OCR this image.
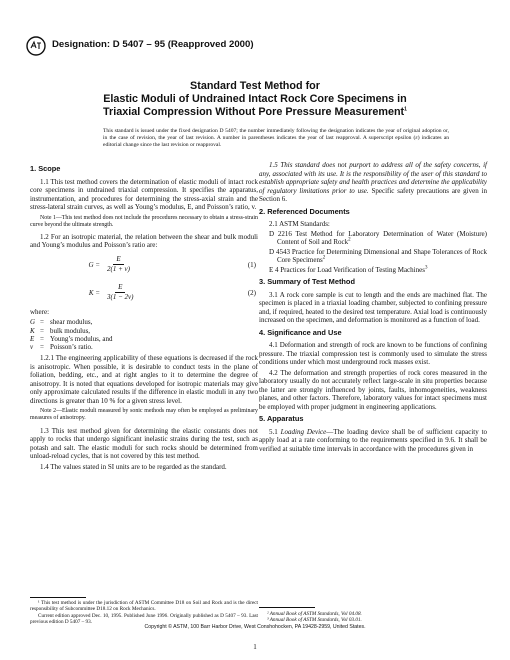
Designation: D 5407 – 95 (Reapproved 2000)
Standard Test Method for
Elastic Moduli of Undrained Intact Rock Core Specimens in
Triaxial Compression Without Pore Pressure Measurement$^1$
This standard is issued under the fixed designation D 5407; the number immediately following the designation indicates the year of original adoption or, in the case of revision, the year of last revision. A number in parentheses indicates the year of last reapproval. A superscript epsilon (ε) indicates an editorial change since the last revision or reapproval.
1. Scope

1.1 This test method covers the determination of elastic moduli of intact rock core specimens in undrained triaxial compression. It specifies the apparatus, instrumentation, and procedures for determining the stress-axial strain and the stress-lateral strain curves, as well as Young’s modulus, E, and Poisson’s ratio, v.

Note 1—This test method does not include the procedures necessary to obtain a stress-strain curve beyond the ultimate strength.

1.2 For an isotropic material, the relation between the shear and bulk moduli and Young’s modulus and Poisson’s ratio are:

$G = \frac{E}{2(1 + v)}$	(1)
$K = \frac{E}{3(1 - 2v)}$	(2)

where:

G = shear modulus,
K = bulk modulus,
E = Young’s modulus, and
v = Poisson’s ratio.

1.2.1 The engineering applicability of these equations is decreased if the rock is anisotropic. When possible, it is desirable to conduct tests in the plane of foliation, bedding, etc., and at right angles to it to determine the degree of anisotropy. It is noted that equations developed for isotropic materials may give only approximate calculated results if the difference in elastic moduli in any two directions is greater than 10 % for a given stress level.

Note 2—Elastic moduli measured by sonic methods may often be employed as preliminary measures of anisotropy.

1.3 This test method given for determining the elastic constants does not apply to rocks that undergo significant inelastic strains during the test, such as potash and salt. The elastic moduli for such rocks should be determined from unload-reload cycles, that is not covered by this test method.

1.4 The values stated in SI units are to be regarded as the standard.

1.5 This standard does not purport to address all of the safety concerns, if any, associated with its use. It is the responsibility of the user of this standard to establish appropriate safety and health practices and determine the applicability of regulatory limitations prior to use. Specific safety precautions are given in Section 6.

2. Referenced Documents

2.1 ASTM Standards:

D 2216 Test Method for Laboratory Determination of Water (Moisture) Content of Soil and Rock$^2$

D 4543 Practice for Determining Dimensional and Shape Tolerances of Rock Core Specimens$^2$

E 4 Practices for Load Verification of Testing Machines$^3$

3. Summary of Test Method

3.1 A rock core sample is cut to length and the ends are machined flat. The specimen is placed in a triaxial loading chamber, subjected to confining pressure and, if required, heated to the desired test temperature. Axial load is continuously increased on the specimen, and deformation is monitored as a function of load.

4. Significance and Use

4.1 Deformation and strength of rock are known to be functions of confining pressure. The triaxial compression test is commonly used to simulate the stress conditions under which most underground rock masses exist.

4.2 The deformation and strength properties of rock cores measured in the laboratory usually do not accurately reflect large-scale in situ properties because the latter are strongly influenced by joints, faults, inhomogeneities, weakness planes, and other factors. Therefore, laboratory values for intact specimens must be employed with proper judgment in engineering applications.

5. Apparatus

5.1 Loading Device—The loading device shall be of sufficient capacity to apply load at a rate conforming to the requirements specified in 9.6. It shall be verified at suitable time intervals in accordance with the procedures given in

¹ This test method is under the jurisdiction of ASTM Committee D18 on Soil and Rock and is the direct responsibility of Subcommittee D18.12 on Rock Mechanics.

Current edition approved Dec. 10, 1995. Published June 1996. Originally published as D 5407 – 93. Last previous edition D 5407 – 93.

² Annual Book of ASTM Standards, Vol 04.08.

³ Annual Book of ASTM Standards, Vol 03.01.

Copyright © ASTM, 100 Barr Harbor Drive, West Conshohocken, PA 19428-2959, United States.
1
